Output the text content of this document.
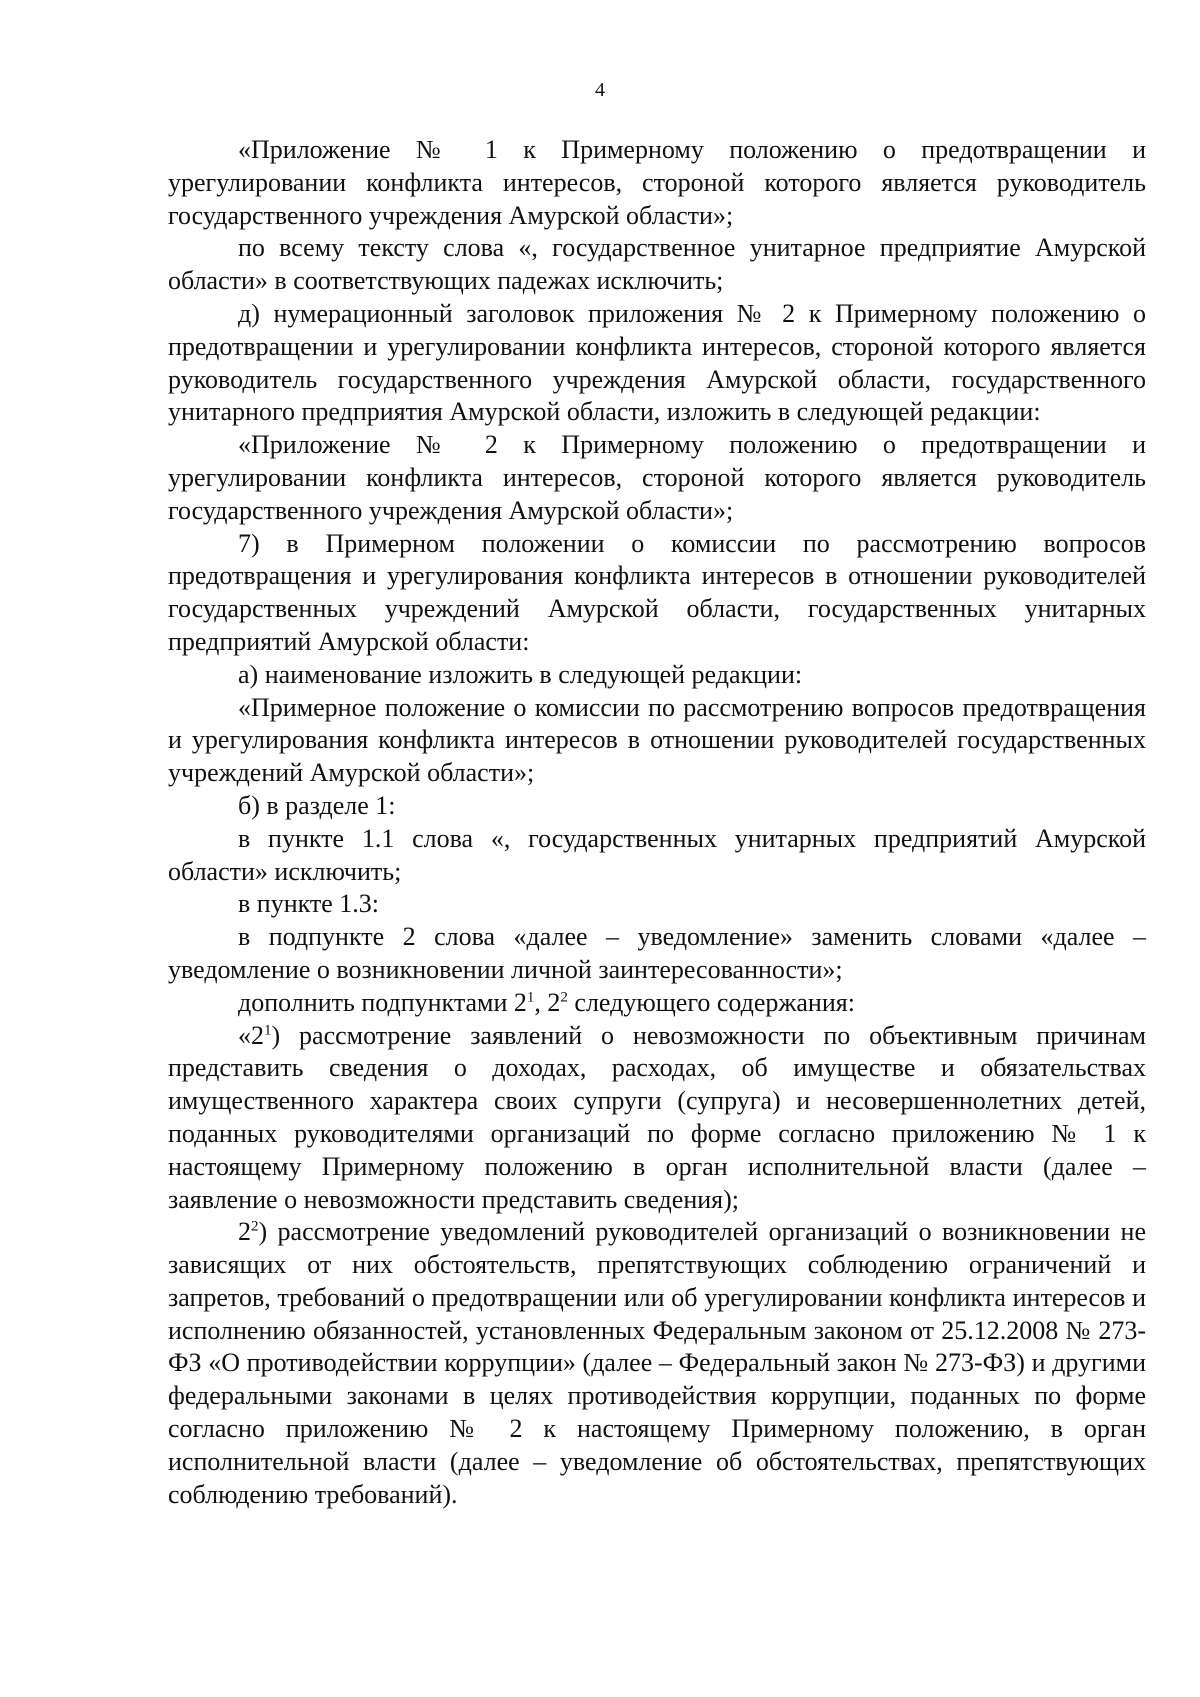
4

«Приложение № 1 к Примерному положению о предотвращении и урегулировании конфликта интересов, стороной которого является руководитель государственного учреждения Амурской области»;

по всему тексту слова «, государственное унитарное предприятие Амурской области» в соответствующих падежах исключить;

д) нумерационный заголовок приложения № 2 к Примерному положению о предотвращении и урегулировании конфликта интересов, стороной которого является руководитель государственного учреждения Амурской области, государственного унитарного предприятия Амурской области, изложить в следующей редакции:

«Приложение № 2 к Примерному положению о предотвращении и урегулировании конфликта интересов, стороной которого является руководитель государственного учреждения Амурской области»;

7) в Примерном положении о комиссии по рассмотрению вопросов предотвращения и урегулирования конфликта интересов в отношении руководителей государственных учреждений Амурской области, государственных унитарных предприятий Амурской области:

а) наименование изложить в следующей редакции:

«Примерное положение о комиссии по рассмотрению вопросов предотвращения и урегулирования конфликта интересов в отношении руководителей государственных учреждений Амурской области»;

б) в разделе 1:

в пункте 1.1 слова «, государственных унитарных предприятий Амурской области» исключить;

в пункте 1.3:

в подпункте 2 слова «далее – уведомление» заменить словами «далее – уведомление о возникновении личной заинтересованности»;

дополнить подпунктами $2^1$, $2^2$ следующего содержания:

«$2^1$) рассмотрение заявлений о невозможности по объективным причинам представить сведения о доходах, расходах, об имуществе и обязательствах имущественного характера своих супруги (супруга) и несовершеннолетних детей, поданных руководителями организаций по форме согласно приложению № 1 к настоящему Примерному положению в орган исполнительной власти (далее – заявление о невозможности представить сведения);

$2^2$) рассмотрение уведомлений руководителей организаций о возникновении не зависящих от них обстоятельств, препятствующих соблюдению ограничений и запретов, требований о предотвращении или об урегулировании конфликта интересов и исполнению обязанностей, установленных Федеральным законом от 25.12.2008 № 273-ФЗ «О противодействии коррупции» (далее – Федеральный закон № 273-ФЗ) и другими федеральными законами в целях противодействия коррупции, поданных по форме согласно приложению № 2 к настоящему Примерному положению, в орган исполнительной власти (далее – уведомление об обстоятельствах, препятствующих соблюдению требований).
